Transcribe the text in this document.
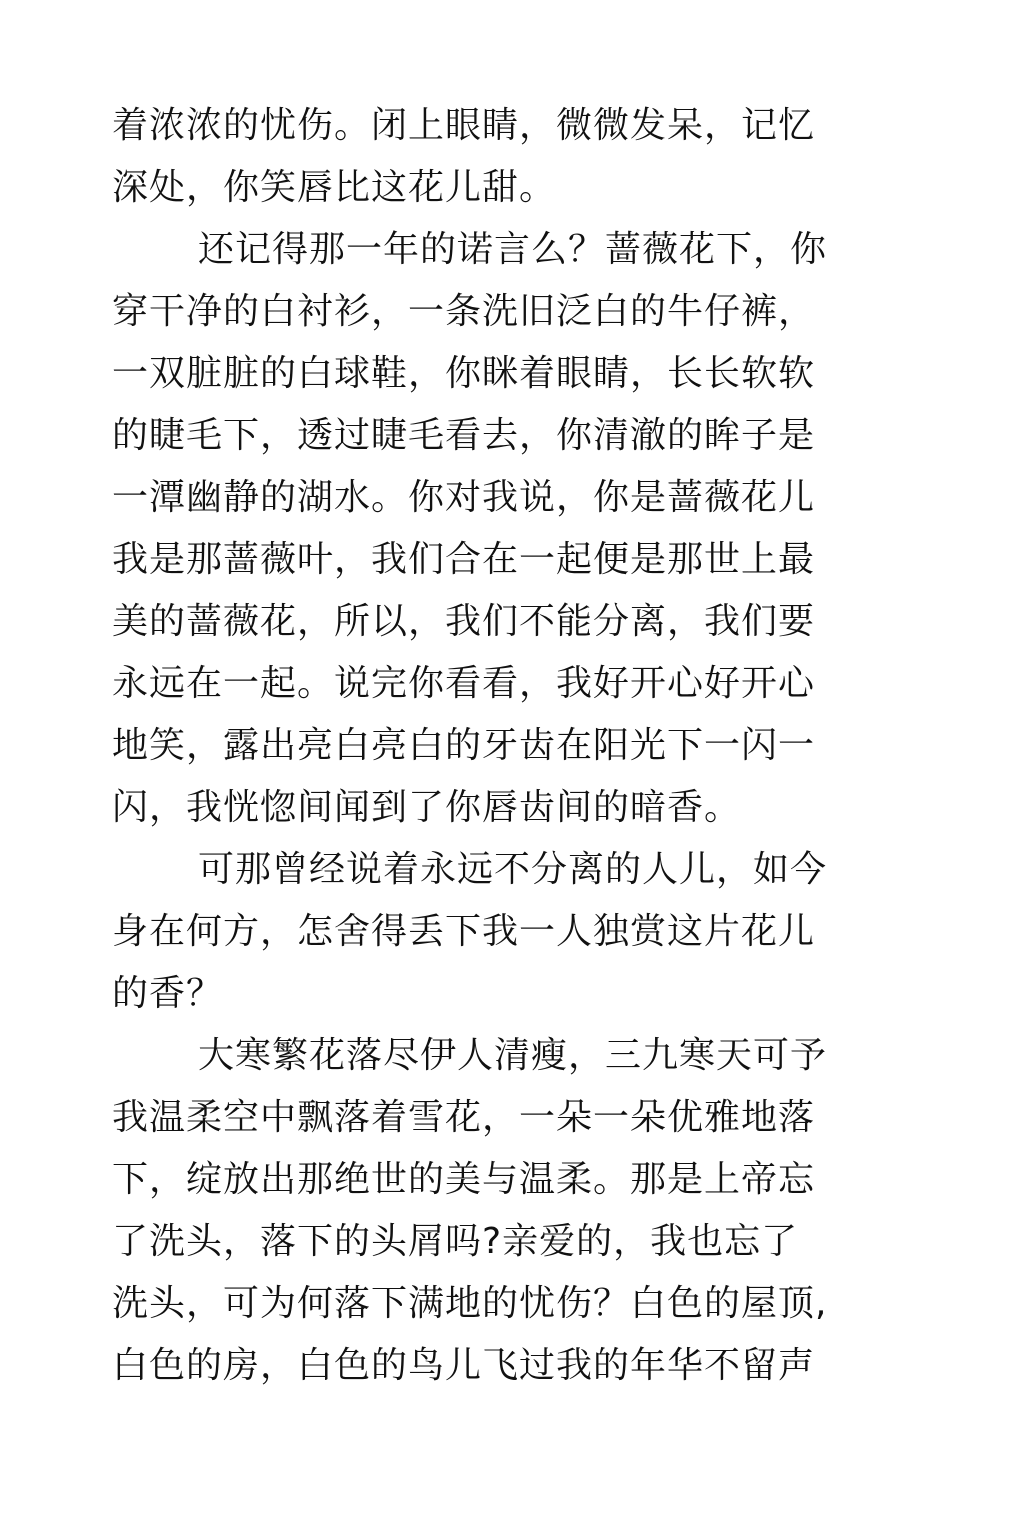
着浓浓的忧伤。闭上眼睛，微微发呆，记忆
深处，你笑唇比这花儿甜。
还记得那一年的诺言么？蔷薇花下，你
穿干净的白衬衫，一条洗旧泛白的牛仔裤，
一双脏脏的白球鞋，你眯着眼睛，长长软软
的睫毛下，透过睫毛看去，你清澈的眸子是
一潭幽静的湖水。你对我说，你是蔷薇花儿
我是那蔷薇叶，我们合在一起便是那世上最
美的蔷薇花，所以，我们不能分离，我们要
永远在一起。说完你看看，我好开心好开心
地笑，露出亮白亮白的牙齿在阳光下一闪一
闪，我恍惚间闻到了你唇齿间的暗香。
可那曾经说着永远不分离的人儿，如今
身在何方，怎舍得丢下我一人独赏这片花儿
的香？
大寒繁花落尽伊人清瘦，三九寒天可予
我温柔空中飘落着雪花，一朵一朵优雅地落
下，绽放出那绝世的美与温柔。那是上帝忘
了洗头，落下的头屑吗?亲爱的，我也忘了
洗头，可为何落下满地的忧伤？白色的屋顶,
白色的房，白色的鸟儿飞过我的年华不留声
